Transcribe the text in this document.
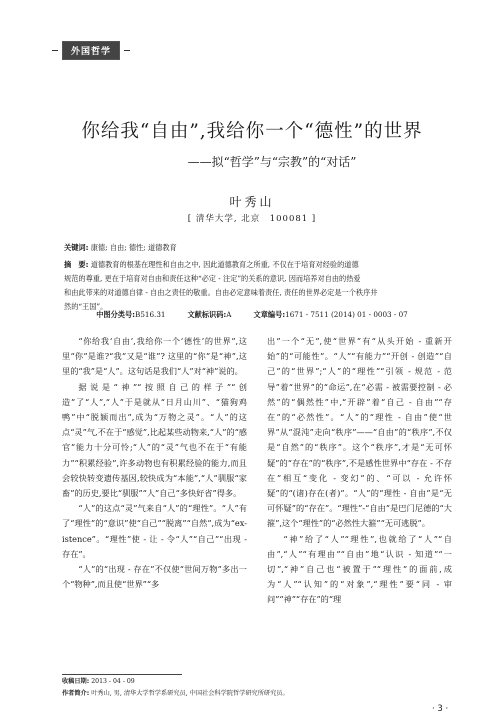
外国哲学
你给我“自由”,我给你一个“德性”的世界
——拟“哲学”与“宗教”的“对话”
叶秀山
[ 清华大学, 北京　100081 ]
关键词: 康德; 自由; 德性; 道德教育
摘　要: 道德教育的根基在理性和自由之中, 因此道德教育之所重, 不仅在于培育对经验的道德
规范的尊重, 更在于培育对自由和责任这种“必定 - 注定”的关系的意识, 因而培养对自由的热爱
和由此带来的对道德自律 - 自由之责任的敬重。自由必定意味着责任, 责任的世界必定是一个秩序井
然的“王国”。
中图分类号:B516.31	文献标识码:A	文章编号:1671 - 7511 (2014) 01 - 0003 - 07

“你给我‘自由’,我给你一个‘德性’的世界”,这里“你”是谁?“我”又是“谁”? 这里的“你”是“神”,这里的“我”是“人”。这句话是我们“人”对“神”说的。

据说是“神”“按照自己的样子”“创造”了“人”,“人”于是就从“日月山川”、“猫狗鸡鸭”中“脱颖而出”,成为“万物之灵”。“人”的这点“灵”气,不在于“感觉”,比起某些动物来,“人”的“感官”能力十分可怜;“人”的“灵”气也不在于“有能力”“积累经验”,许多动物也有积累经验的能力,而且会较快转变遗传基因,较快成为“本能”,“人”驯服“家畜”的历史,要比“驯服”“人”自己“多快好省”得多。

“人”的这点“灵”气来自“人”的“理性”。“人”有了“理性”的“意识”使“自己”“脱离”“自然”,成为“ex-istence”。“理性”使 - 让 - 令“人”“自己”“出现 - 存在”。

“人”的“出现 - 存在”不仅使“世间万物”多出一个“物种”,而且使“世界”“多

出”一个“无”,使“世界”有“从头开始 - 重新开始”的“可能性”。“人”“有能力”“开创 - 创造”“自己”的“世界”;“人”的“理性”“引领 - 规范 - 范导”着“世界”的“命运”,在“必需 - 被需要控制 - 必然”的“偶然性”中,“开辟”着“自己 - 自由”“存在”的“必然性”。“人”的“理性 - 自由”使“世界”从“混沌”走向“秩序”——“自由”的“秩序”,不仅是“自然”的“秩序”。这个“秩序”,才是“无可怀疑”的“存在”的“秩序”,不是感性世界中“存在 - 不存在”相互“变化 - 变幻”的、“可以 - 允许怀疑”的“(诸)存在(者)”。“人”的“理性 - 自由”是“无可怀疑”的“存在”。“理性”-“自由”是巴门尼德的“大箍”,这个“理性”的“必然性大箍”“无可逃脱”。

“神”给了“人”“理性”,也就给了“人”“自由”,“人”“有理由”“自由”地“认识 - 知道”“一切”,“神”自己也“被置于”“理性”的面前,成为“人”“认知”的“对象”,“理性”要“同 - 审问”“神”“存在”的“理

收稿日期: 2013 - 04 - 09
作者简介: 叶秀山, 男, 清华大学哲学系研究员, 中国社会科学院哲学研究所研究员。
· 3 ·
